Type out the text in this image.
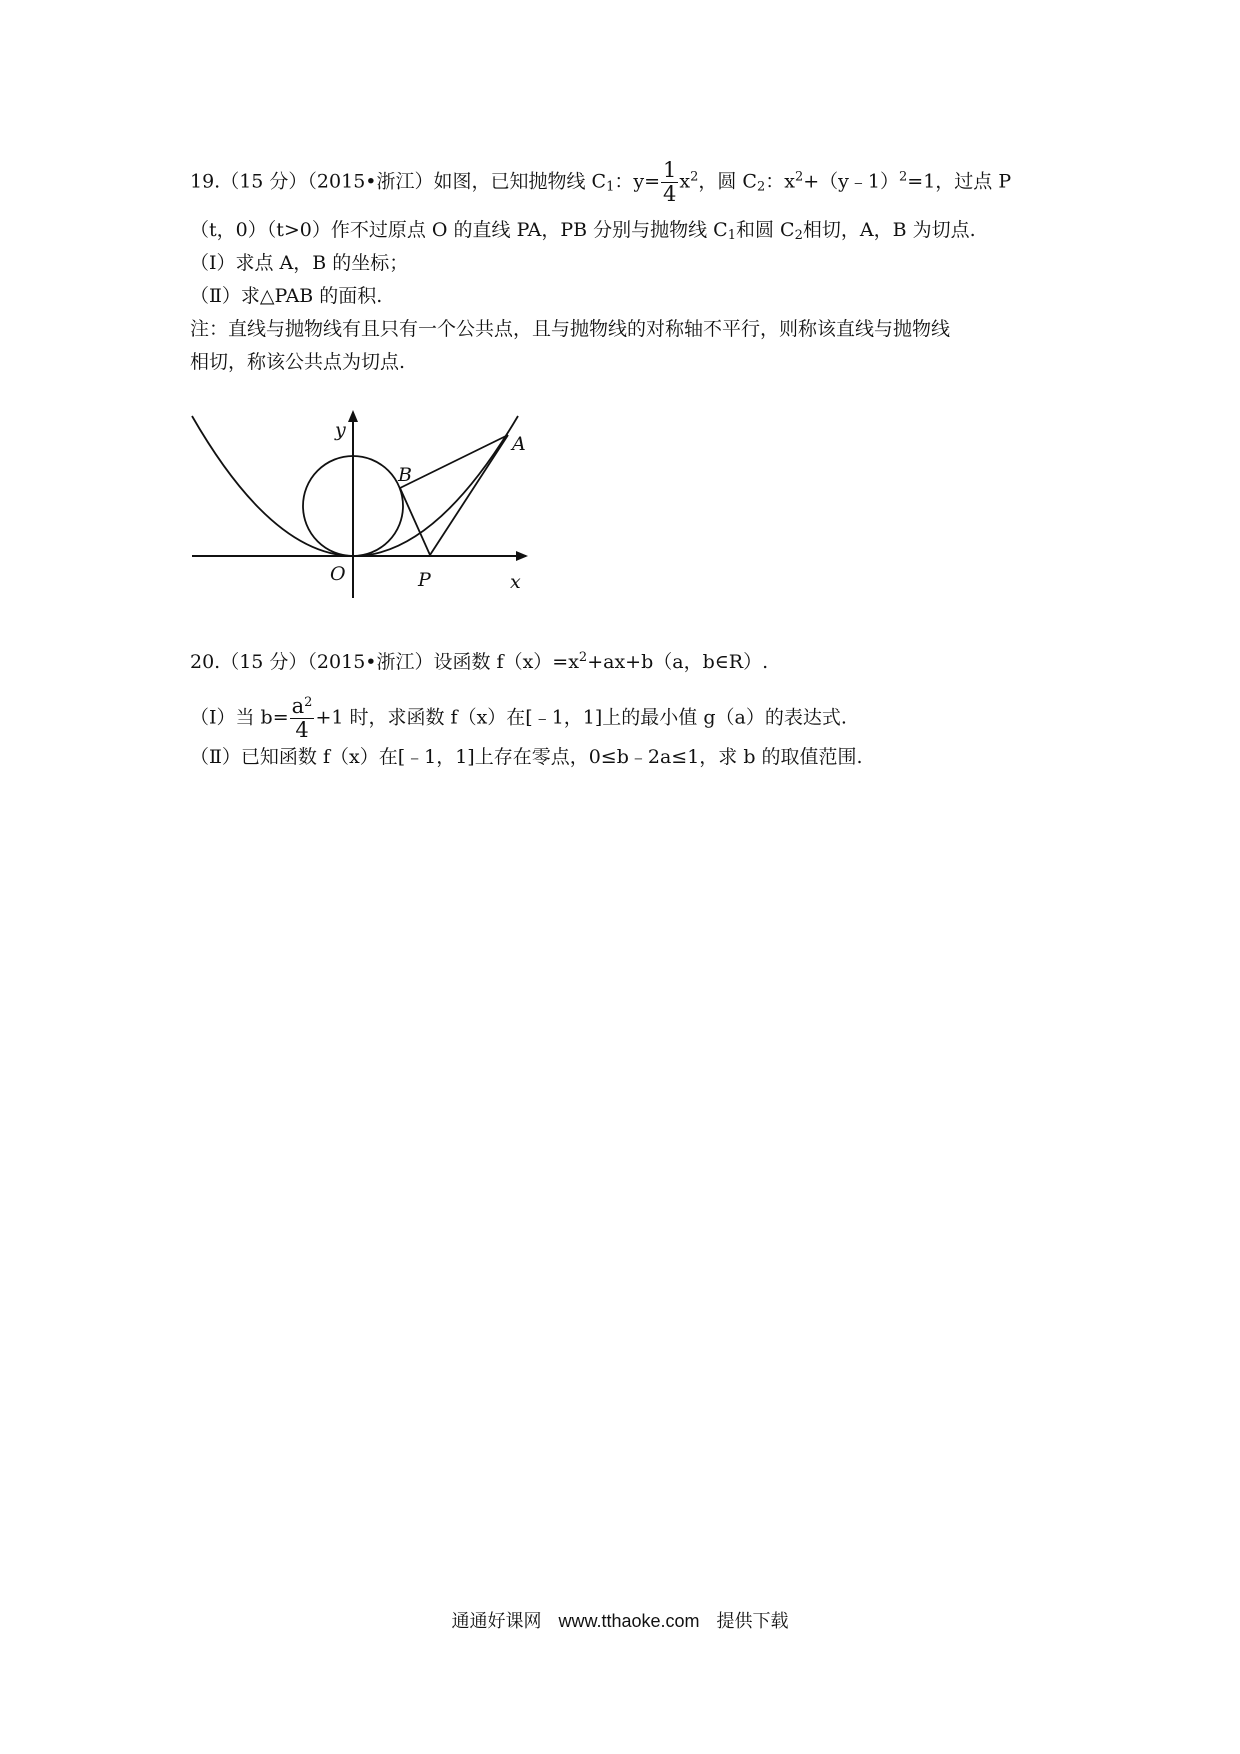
19.（15 分）（2015•浙江）如图，已知抛物线 $C_1$：$y= \frac{1}{4} x^2$，圆 $C_2$：$x^2+(y﹣1)^2=1$，过点 P
（t，0）（t>0）作不过原点 O 的直线 PA，PB 分别与抛物线 $C_1$和圆 $C_2$相切，A，B 为切点.
（Ⅰ）求点 A，B 的坐标；
（Ⅱ）求△PAB 的面积.
注：直线与抛物线有且只有一个公共点，且与抛物线的对称轴不平行，则称该直线与抛物线
相切，称该公共点为切点.
y
x
O	P
A
B
20.（15 分）（2015•浙江）设函数 $f(x)=x^2+ax+b(a$，b∈R）.
（Ⅰ）当 $b= \frac{a^2}{4} +1$ 时，求函数 f（x）在[﹣1，1]上的最小值 g（a）的表达式.
（Ⅱ）已知函数 f（x）在[﹣1，1]上存在零点，0≤b﹣2a≤1，求 b 的取值范围.
通通好课网 www.tthaoke.com 提供下载
